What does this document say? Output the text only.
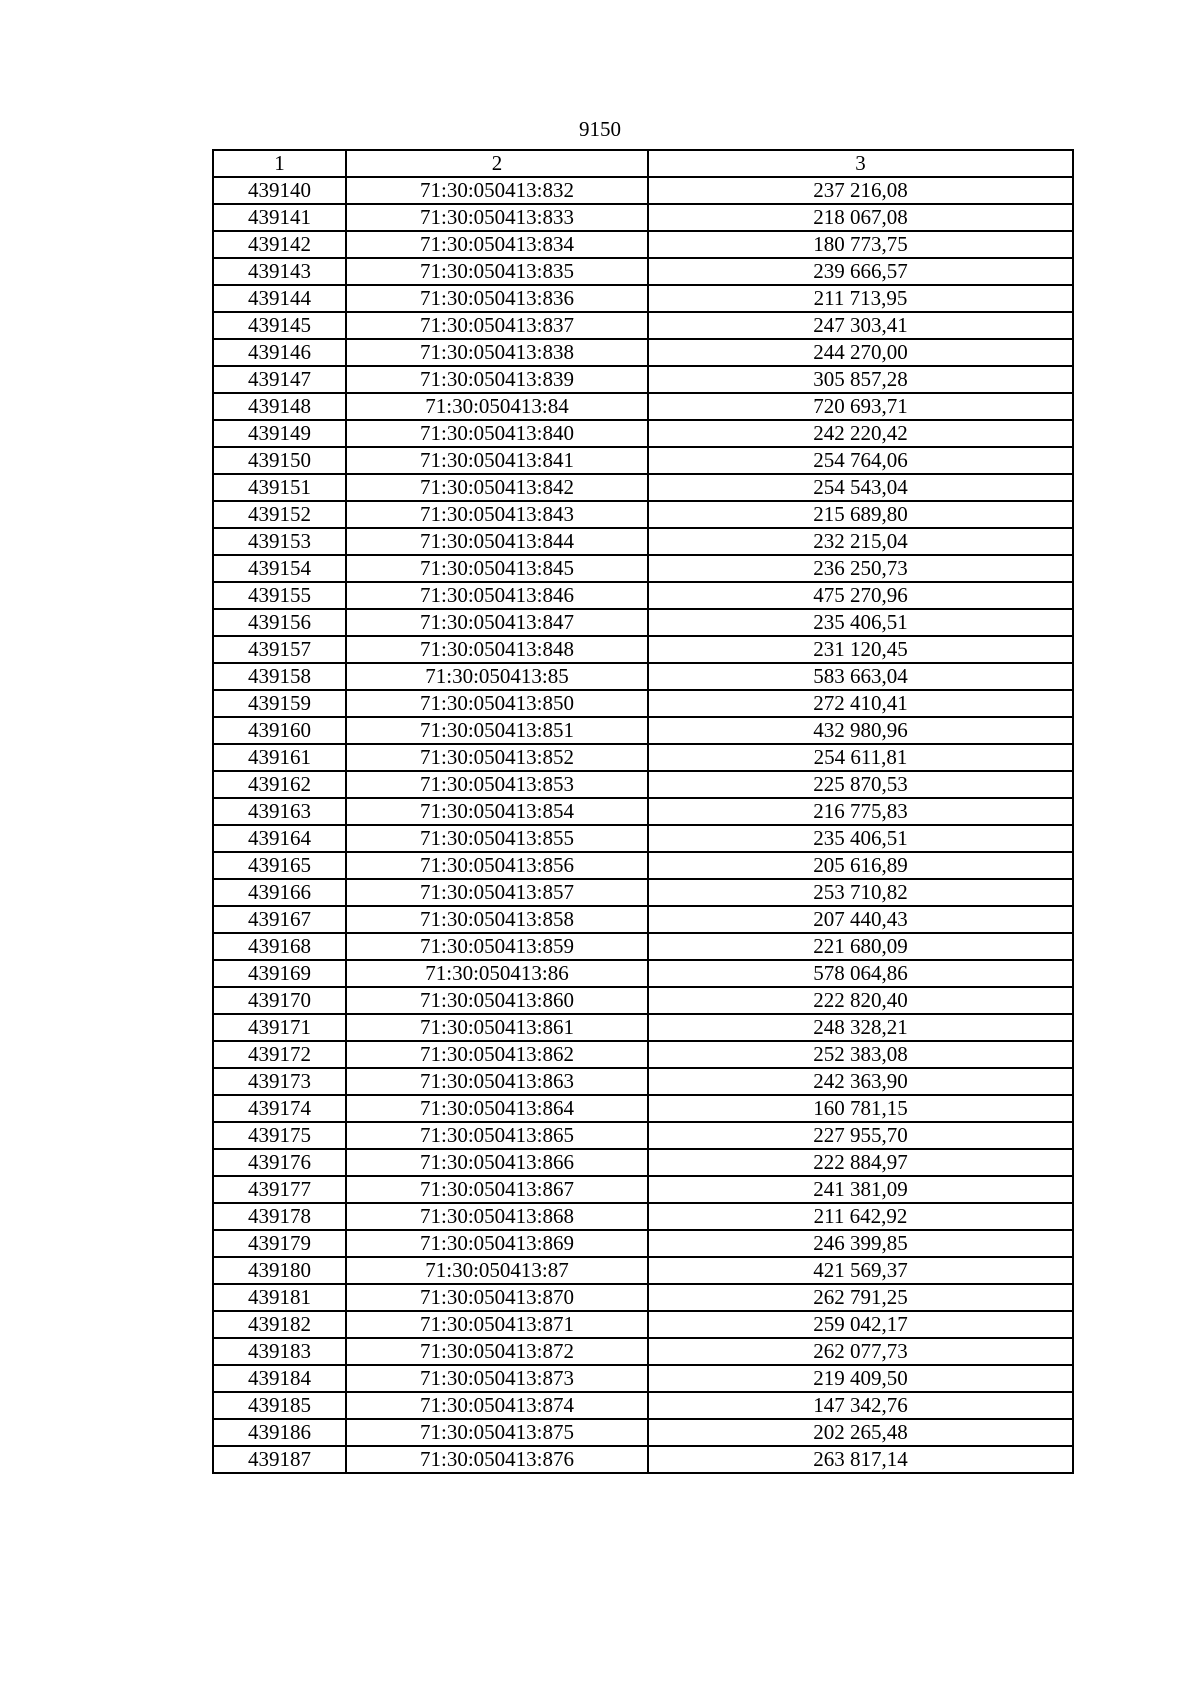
9150
1	2	3
439140	71:30:050413:832	237 216,08
439141	71:30:050413:833	218 067,08
439142	71:30:050413:834	180 773,75
439143	71:30:050413:835	239 666,57
439144	71:30:050413:836	211 713,95
439145	71:30:050413:837	247 303,41
439146	71:30:050413:838	244 270,00
439147	71:30:050413:839	305 857,28
439148	71:30:050413:84	720 693,71
439149	71:30:050413:840	242 220,42
439150	71:30:050413:841	254 764,06
439151	71:30:050413:842	254 543,04
439152	71:30:050413:843	215 689,80
439153	71:30:050413:844	232 215,04
439154	71:30:050413:845	236 250,73
439155	71:30:050413:846	475 270,96
439156	71:30:050413:847	235 406,51
439157	71:30:050413:848	231 120,45
439158	71:30:050413:85	583 663,04
439159	71:30:050413:850	272 410,41
439160	71:30:050413:851	432 980,96
439161	71:30:050413:852	254 611,81
439162	71:30:050413:853	225 870,53
439163	71:30:050413:854	216 775,83
439164	71:30:050413:855	235 406,51
439165	71:30:050413:856	205 616,89
439166	71:30:050413:857	253 710,82
439167	71:30:050413:858	207 440,43
439168	71:30:050413:859	221 680,09
439169	71:30:050413:86	578 064,86
439170	71:30:050413:860	222 820,40
439171	71:30:050413:861	248 328,21
439172	71:30:050413:862	252 383,08
439173	71:30:050413:863	242 363,90
439174	71:30:050413:864	160 781,15
439175	71:30:050413:865	227 955,70
439176	71:30:050413:866	222 884,97
439177	71:30:050413:867	241 381,09
439178	71:30:050413:868	211 642,92
439179	71:30:050413:869	246 399,85
439180	71:30:050413:87	421 569,37
439181	71:30:050413:870	262 791,25
439182	71:30:050413:871	259 042,17
439183	71:30:050413:872	262 077,73
439184	71:30:050413:873	219 409,50
439185	71:30:050413:874	147 342,76
439186	71:30:050413:875	202 265,48
439187	71:30:050413:876	263 817,14
